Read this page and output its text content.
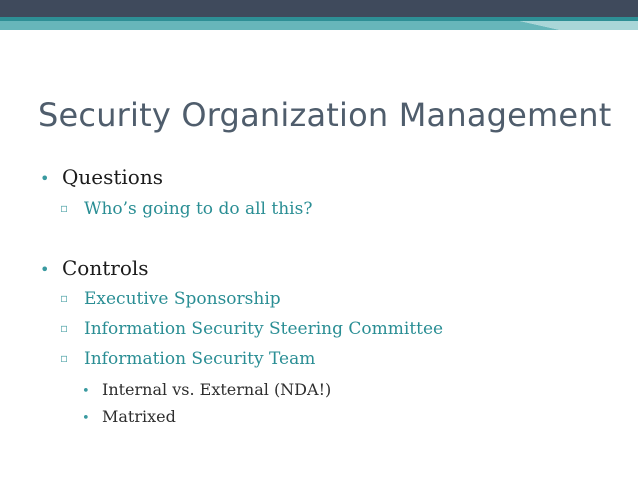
Security Organization Management
• Questions
▫ Who’s going to do all this?
• Controls
▫ Executive Sponsorship
▫ Information Security Steering Committee
▫ Information Security Team
• Internal vs. External (NDA!)
• Matrixed
